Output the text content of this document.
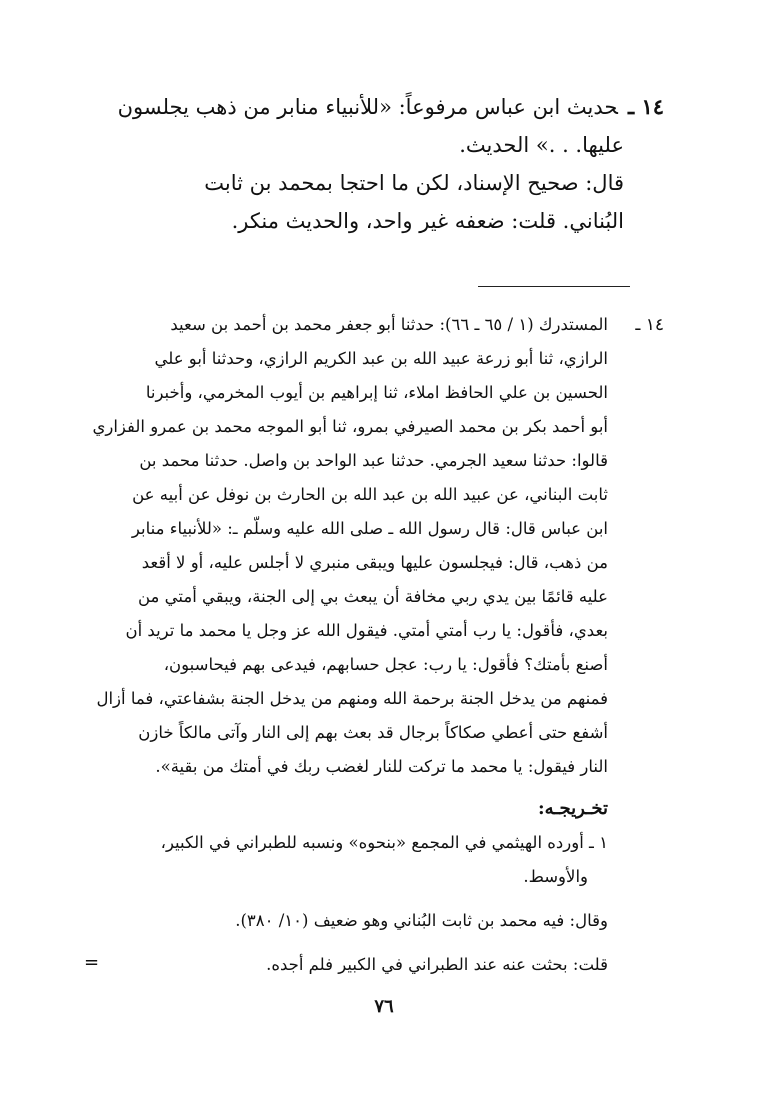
١٤ ـحديث ابن عباس مرفوعاً: «للأنبياء منابر من ذهب يجلسون
عليها. . .» الحديث.
قال: صحيح الإسناد، لكن ما احتجا بمحمد بن ثابت
البُناني. قلت: ضعفه غير واحد، والحديث منكر.
١٤ ـ
المستدرك (١ / ٦٥ ـ ٦٦): حدثنا أبو جعفر محمد بن أحمد بن سعيد
الرازي، ثنا أبو زرعة عبيد الله بن عبد الكريم الرازي، وحدثنا أبو علي
الحسين بن علي الحافظ املاء، ثنا إبراهيم بن أيوب المخرمي، وأخبرنا
أبو أحمد بكر بن محمد الصيرفي بمرو، ثنا أبو الموجه محمد بن عمرو الفزاري
قالوا: حدثنا سعيد الجرمي. حدثنا عبد الواحد بن واصل. حدثنا محمد بن
ثابت البناني، عن عبيد الله بن عبد الله بن الحارث بن نوفل عن أبيه عن
ابن عباس قال: قال رسول الله ـ صلى الله عليه وسلّم ـ: «للأنبياء منابر
من ذهب، قال: فيجلسون عليها ويبقى منبري لا أجلس عليه، أو لا أقعد
عليه قائمًا بين يدي ربي مخافة أن يبعث بي إلى الجنة، ويبقي أمتي من
بعدي، فأقول: يا رب أمتي أمتي. فيقول الله عز وجل يا محمد ما تريد أن
أصنع بأمتك؟ فأقول: يا رب: عجل حسابهم، فيدعى بهم فيحاسبون،
فمنهم من يدخل الجنة برحمة الله ومنهم من يدخل الجنة بشفاعتي، فما أزال
أشفع حتى أعطي صكاكاً برجال قد بعث بهم إلى النار وآتى مالكاً خازن
النار فيقول: يا محمد ما تركت للنار لغضب ربك في أمتك من بقية».
تخـريجـه:
١ ـ أورده الهيثمي في المجمع «بنحوه» ونسبه للطبراني في الكبير،
والأوسط.
وقال: فيه محمد بن ثابت البُناني وهو ضعيف (١٠/ ٣٨٠).
قلت: بحثت عنه عند الطبراني في الكبير فلم أجده.
=
٧٦
